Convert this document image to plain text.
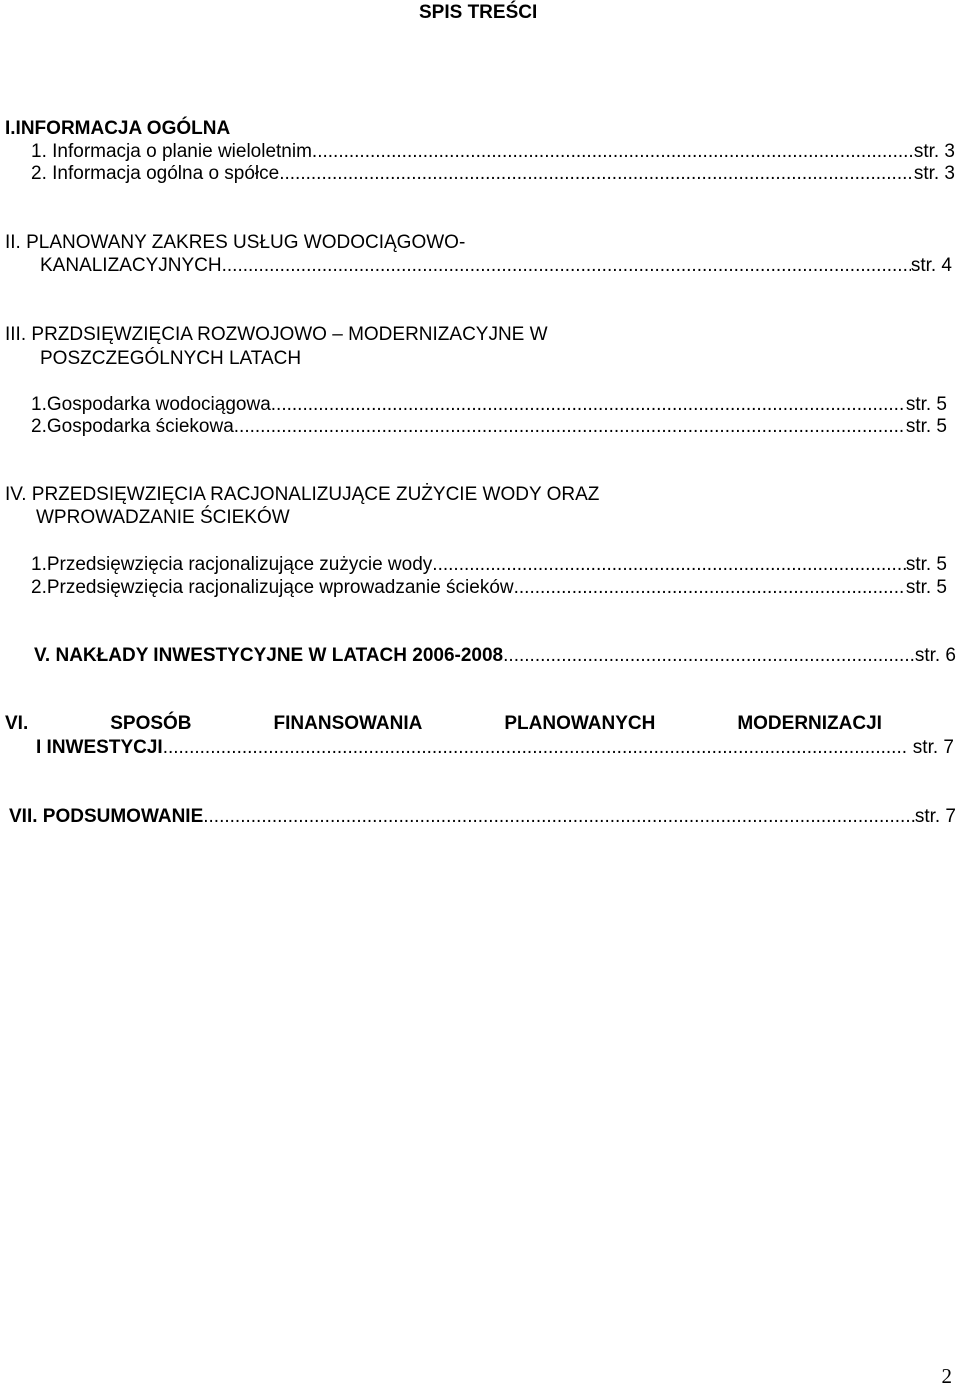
SPIS TREŚCI
I.INFORMACJA OGÓLNA
1. Informacja o planie wieloletnim .....	str. 3
2. Informacja ogólna o spółce .....	str. 3
II. PLANOWANY ZAKRES USŁUG WODOCIĄGOWO-
KANALIZACYJNYCH .....	str. 4
III. PRZDSIĘWZIĘCIA ROZWOJOWO – MODERNIZACYJNE W
POSZCZEGÓLNYCH LATACH
1.Gospodarka wodociągowa .....	str. 5
2.Gospodarka ściekowa .....	str. 5
IV. PRZEDSIĘWZIĘCIA RACJONALIZUJĄCE ZUŻYCIE WODY ORAZ
WPROWADZANIE ŚCIEKÓW
1.Przedsięwzięcia racjonalizujące zużycie wody .....	str. 5
2.Przedsięwzięcia racjonalizujące wprowadzanie ścieków .....	str. 5
V. NAKŁADY INWESTYCYJNE W LATACH 2006-2008 .....	str. 6
VI.	SPOSÓB	FINANSOWANIA	PLANOWANYCH	MODERNIZACJI
I INWESTYCJI .....	str. 7
VII. PODSUMOWANIE .....	str. 7
2
